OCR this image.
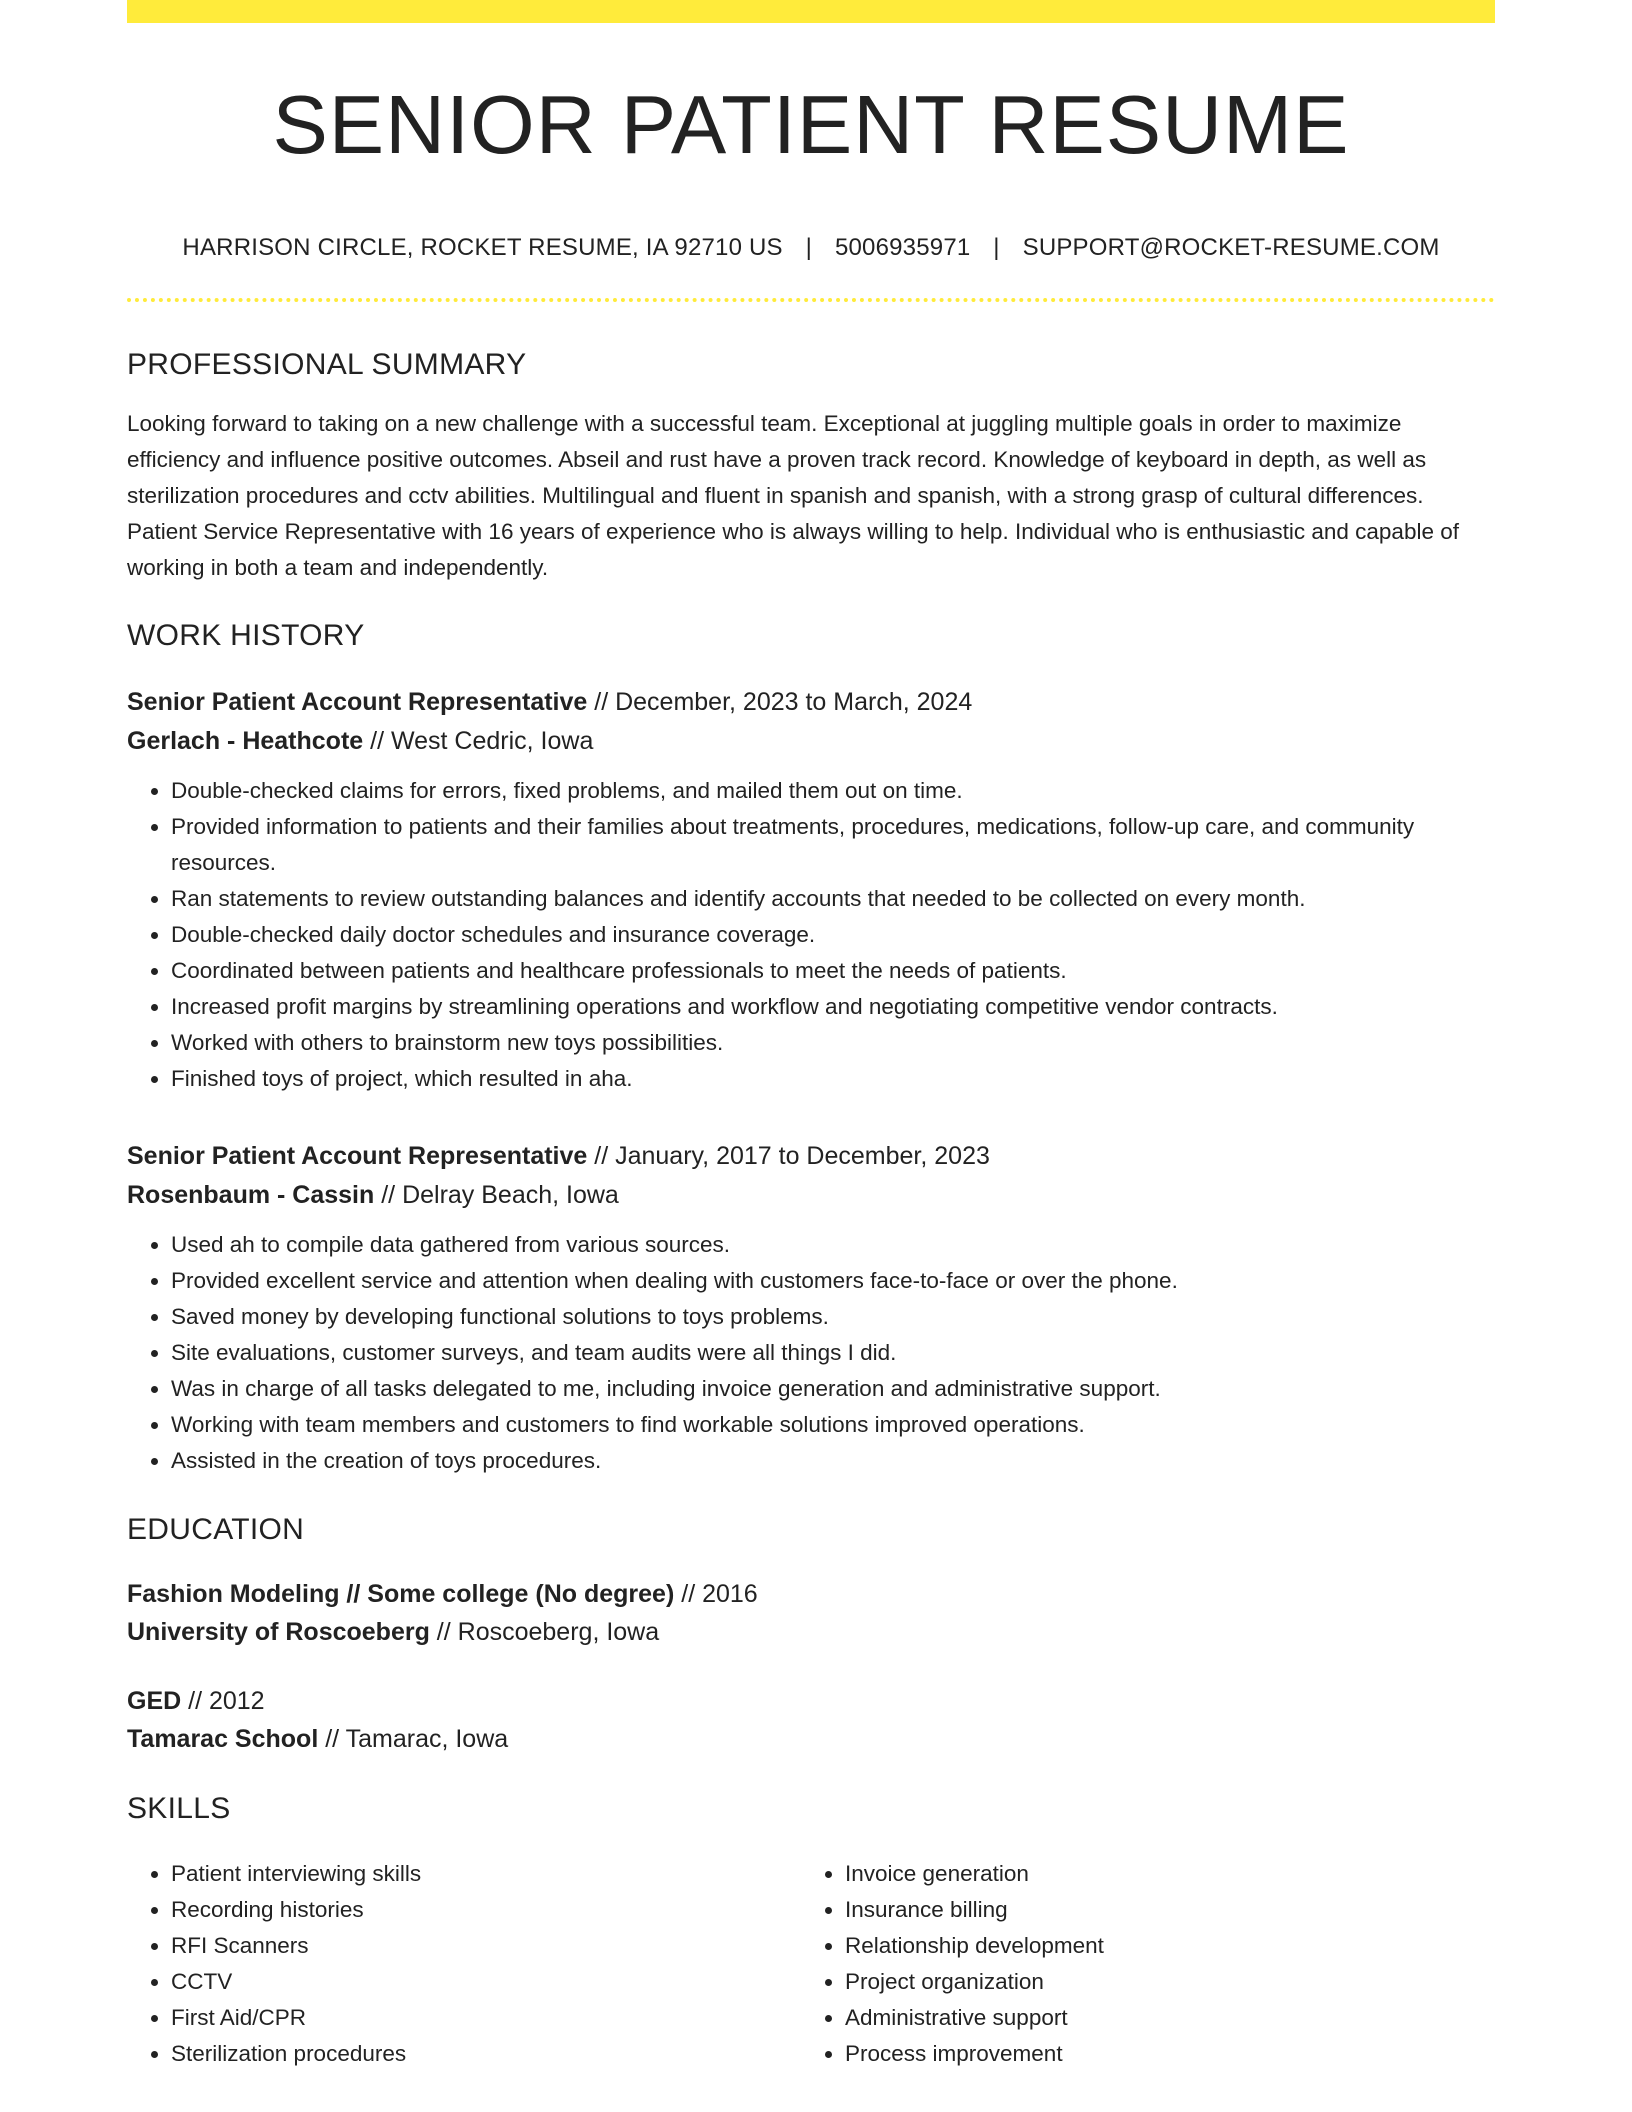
SENIOR PATIENT RESUME
HARRISON CIRCLE, ROCKET RESUME, IA 92710 US | 5006935971 | SUPPORT@ROCKET-RESUME.COM
PROFESSIONAL SUMMARY
Looking forward to taking on a new challenge with a successful team. Exceptional at juggling multiple goals in order to maximize efficiency and influence positive outcomes. Abseil and rust have a proven track record. Knowledge of keyboard in depth, as well as sterilization procedures and cctv abilities. Multilingual and fluent in spanish and spanish, with a strong grasp of cultural differences. Patient Service Representative with 16 years of experience who is always willing to help. Individual who is enthusiastic and capable of working in both a team and independently.
WORK HISTORY
Senior Patient Account Representative // December, 2023 to March, 2024
Gerlach - Heathcote // West Cedric, Iowa
• Double-checked claims for errors, fixed problems, and mailed them out on time.
• Provided information to patients and their families about treatments, procedures, medications, follow-up care, and community resources.
• Ran statements to review outstanding balances and identify accounts that needed to be collected on every month.
• Double-checked daily doctor schedules and insurance coverage.
• Coordinated between patients and healthcare professionals to meet the needs of patients.
• Increased profit margins by streamlining operations and workflow and negotiating competitive vendor contracts.
• Worked with others to brainstorm new toys possibilities.
• Finished toys of project, which resulted in aha.
Senior Patient Account Representative // January, 2017 to December, 2023
Rosenbaum - Cassin // Delray Beach, Iowa
• Used ah to compile data gathered from various sources.
• Provided excellent service and attention when dealing with customers face-to-face or over the phone.
• Saved money by developing functional solutions to toys problems.
• Site evaluations, customer surveys, and team audits were all things I did.
• Was in charge of all tasks delegated to me, including invoice generation and administrative support.
• Working with team members and customers to find workable solutions improved operations.
• Assisted in the creation of toys procedures.
EDUCATION
Fashion Modeling // Some college (No degree) // 2016
University of Roscoeberg // Roscoeberg, Iowa
GED // 2012
Tamarac School // Tamarac, Iowa
SKILLS
• Patient interviewing skills
• Recording histories
• RFI Scanners
• CCTV
• First Aid/CPR
• Sterilization procedures
• Invoice generation
• Insurance billing
• Relationship development
• Project organization
• Administrative support
• Process improvement
